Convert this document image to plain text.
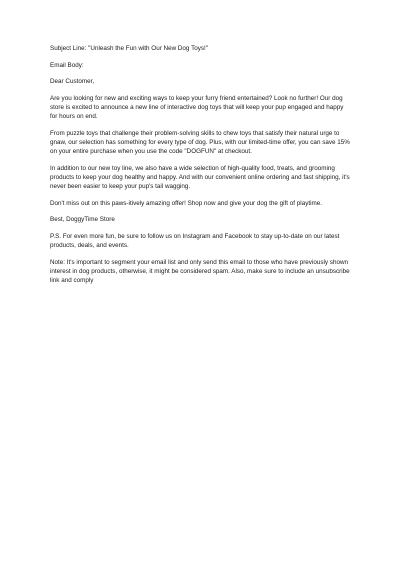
Subject Line: "Unleash the Fun with Our New Dog Toys!"

Email Body:

Dear Customer,

Are you looking for new and exciting ways to keep your furry friend entertained? Look no further! Our dog store is excited to announce a new line of interactive dog toys that will keep your pup engaged and happy for hours on end.

From puzzle toys that challenge their problem-solving skills to chew toys that satisfy their natural urge to gnaw, our selection has something for every type of dog. Plus, with our limited-time offer, you can save 15% on your entire purchase when you use the code "DOGFUN" at checkout.

In addition to our new toy line, we also have a wide selection of high-quality food, treats, and grooming products to keep your dog healthy and happy. And with our convenient online ordering and fast shipping, it's never been easier to keep your pup's tail wagging.

Don't miss out on this paws-itively amazing offer! Shop now and give your dog the gift of playtime.

Best, DoggyTime Store

P.S. For even more fun, be sure to follow us on Instagram and Facebook to stay up-to-date on our latest products, deals, and events.

Note: It's important to segment your email list and only send this email to those who have previously shown interest in dog products, otherwise, it might be considered spam. Also, make sure to include an unsubscribe link and comply
